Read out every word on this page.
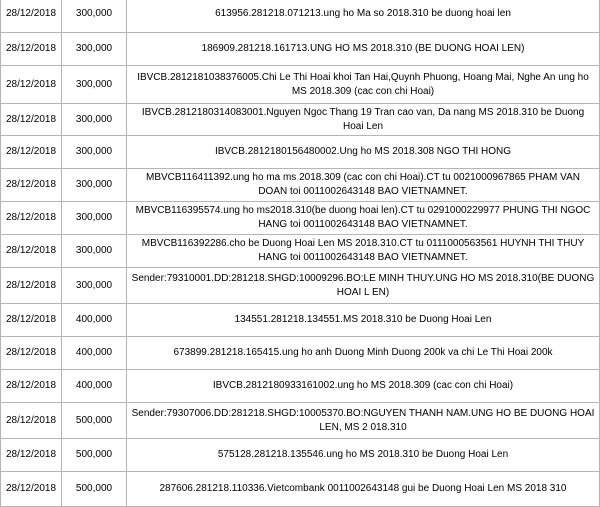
28/12/2018	300,000	613956.281218.071213.ung ho Ma so 2018.310 be duong hoai len
28/12/2018	300,000	186909.281218.161713.UNG HO MS 2018.310 (BE DUONG HOAI LEN)
28/12/2018	300,000	IBVCB.2812181038376005.Chi Le Thi Hoai khoi Tan Hai,Quynh Phuong, Hoang Mai, Nghe An ung ho MS 2018.309 (cac con chi Hoai)
28/12/2018	300,000	IBVCB.2812180314083001.Nguyen Ngoc Thang 19 Tran cao van, Da nang MS 2018.310 be Duong Hoai Len
28/12/2018	300,000	IBVCB.2812180156480002.Ung ho MS 2018.308 NGO THI HONG
28/12/2018	300,000	MBVCB116411392.ung ho ma ms 2018.309 (cac con chi Hoai).CT tu 0021000967865 PHAM VAN DOAN toi 0011002643148 BAO VIETNAMNET.
28/12/2018	300,000	MBVCB116395574.ung ho ms2018.310(be duong hoai len).CT tu 0291000229977 PHUNG THI NGOC HANG toi 0011002643148 BAO VIETNAMNET.
28/12/2018	300,000	MBVCB116392286.cho be Duong Hoai Len MS 2018.310.CT tu 0111000563561 HUYNH THI THUY HANG toi 0011002643148 BAO VIETNAMNET.
28/12/2018	300,000	Sender:79310001.DD:281218.SHGD:10009296.BO:LE MINH THUY.UNG HO MS 2018.310(BE DUONG HOAI L EN)
28/12/2018	400,000	134551.281218.134551.MS 2018.310 be Duong Hoai Len
28/12/2018	400,000	673899.281218.165415.ung ho anh Duong Minh Duong 200k va chi Le Thi Hoai 200k
28/12/2018	400,000	IBVCB.2812180933161002.ung ho MS 2018.309 (cac con chi Hoai)
28/12/2018	500,000	Sender:79307006.DD:281218.SHGD:10005370.BO:NGUYEN THANH NAM.UNG HO BE DUONG HOAI LEN, MS 2 018.310
28/12/2018	500,000	575128.281218.135546.ung ho MS 2018.310 be Duong Hoai Len
28/12/2018	500,000	287606.281218.110336.Vietcombank 0011002643148 gui be Duong Hoai Len MS 2018 310
